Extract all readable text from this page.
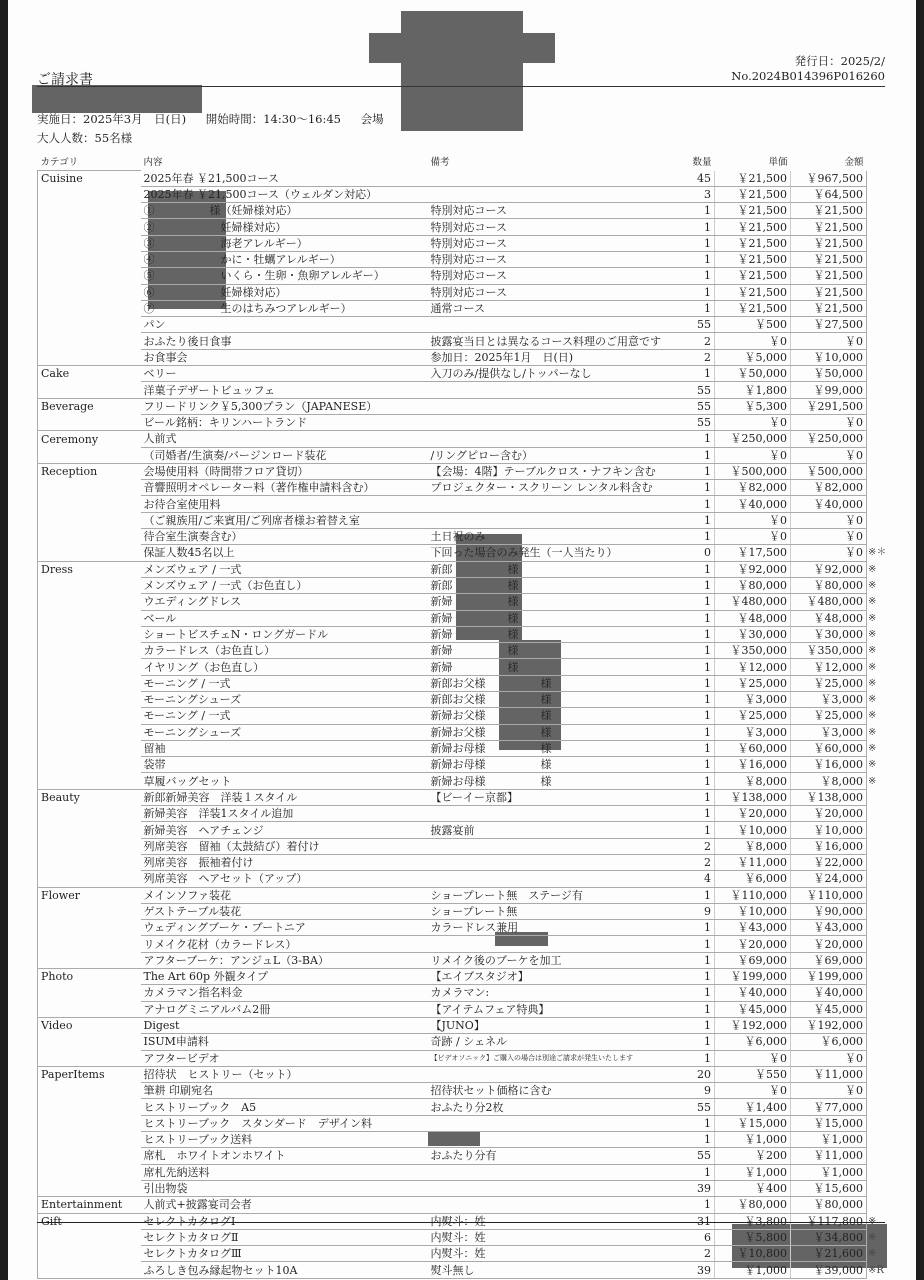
ご請求書
発行日：2025/2/
No.2024B014396P016260
実施日：2025年3月　日(日) 開始時間：14:30～16:45 会場
大人人数：55名様
カテゴリ	内容	備考	数量	単価	金額
Cuisine	2025年春 ￥21,500コース		45	￥21,500	￥967,500
	2025年春 ￥21,500コース（ウェルダン対応）		3	￥21,500	￥64,500
	①　　　　　様（妊婦様対応）	特別対応コース	1	￥21,500	￥21,500
	②　　　　　　妊婦様対応）	特別対応コース	1	￥21,500	￥21,500
	③　　　　　　海老アレルギー）	特別対応コース	1	￥21,500	￥21,500
	④　　　　　　かに・牡蠣アレルギー）	特別対応コース	1	￥21,500	￥21,500
	⑤　　　　　　いくら・生卵・魚卵アレルギー）	特別対応コース	1	￥21,500	￥21,500
	⑥　　　　　　妊婦様対応）	特別対応コース	1	￥21,500	￥21,500
	⑦　　　　　　生のはちみつアレルギー）	通常コース	1	￥21,500	￥21,500
	パン		55	￥500	￥27,500
	おふたり後日食事	披露宴当日とは異なるコース料理のご用意です	2	￥0	￥0
	お食事会	参加日：2025年1月　日(日)	2	￥5,000	￥10,000
Cake	ベリー	入刀のみ/提供なし/トッパーなし	1	￥50,000	￥50,000
	洋菓子デザートビュッフェ		55	￥1,800	￥99,000
Beverage	フリードリンク￥5,300プラン（JAPANESE）		55	￥5,300	￥291,500
	ビール銘柄：キリンハートランド		55	￥0	￥0
Ceremony	人前式		1	￥250,000	￥250,000
	（司婚者/生演奏/バージンロード装花	/リングピロー含む）	1	￥0	￥0
Reception	会場使用料（時間帯フロア貸切）	【会場：4階】テーブルクロス・ナフキン含む	1	￥500,000	￥500,000
	音響照明オペレーター料（著作権申請料含む）	プロジェクター・スクリーン レンタル料含む	1	￥82,000	￥82,000
	お待合室使用料		1	￥40,000	￥40,000
	（ご親族用/ご来賓用/ご列席者様お着替え室		1	￥0	￥0
	待合室生演奏含む）	土日祝のみ	1	￥0	￥0
	保証人数45名以上	下回った場合のみ発生（一人当たり）	0	￥17,500	￥0 ※＊

Dress	メンズウェア / 一式	新郎　　　　　様	1	￥92,000	￥92,000 ※

	メンズウェア / 一式（お色直し）	新郎　　　　　様	1	￥80,000	￥80,000 ※

	ウエディングドレス	新婦　　　　　様	1	￥480,000	￥480,000 ※

	ベール	新婦　　　　　様	1	￥48,000	￥48,000 ※

	ショートビスチェN・ロングガードル	新婦　　　　　様	1	￥30,000	￥30,000 ※

	カラードレス（お色直し）	新婦　　　　　様	1	￥350,000	￥350,000 ※

	イヤリング（お色直し）	新婦　　　　　様	1	￥12,000	￥12,000 ※

	モーニング / 一式	新郎お父様　　　　　様	1	￥25,000	￥25,000 ※

	モーニングシューズ	新郎お父様　　　　　様	1	￥3,000	￥3,000 ※

	モーニング / 一式	新婦お父様　　　　　様	1	￥25,000	￥25,000 ※

	モーニングシューズ	新婦お父様　　　　　様	1	￥3,000	￥3,000 ※

	留袖	新婦お母様　　　　　様	1	￥60,000	￥60,000 ※

	袋帯	新婦お母様　　　　　様	1	￥16,000	￥16,000 ※

	草履バッグセット	新婦お母様　　　　　様	1	￥8,000	￥8,000 ※

Beauty	新郎新婦美容　洋装１スタイル	【ビーイー京都】	1	￥138,000	￥138,000
	新婦美容　洋装1スタイル追加		1	￥20,000	￥20,000
	新婦美容　ヘアチェンジ	披露宴前	1	￥10,000	￥10,000
	列席美容　留袖（太鼓結び）着付け		2	￥8,000	￥16,000
	列席美容　振袖着付け		2	￥11,000	￥22,000
	列席美容　ヘアセット（アップ）		4	￥6,000	￥24,000
Flower	メインソファ装花	ショープレート無　ステージ有	1	￥110,000	￥110,000
	ゲストテーブル装花	ショープレート無	9	￥10,000	￥90,000
	ウェディングブーケ・ブートニア	カラードレス兼用	1	￥43,000	￥43,000
	リメイク花材（カラードレス）		1	￥20,000	￥20,000
	アフターブーケ：アンジュL（3-BA）	リメイク後のブーケを加工	1	￥69,000	￥69,000
Photo	The Art 60p 外観タイプ	【エイブスタジオ】	1	￥199,000	￥199,000
	カメラマン指名料金	カメラマン:	1	￥40,000	￥40,000
	アナログミニアルバム2冊	【アイテムフェア特典】	1	￥45,000	￥45,000
Video	Digest	【JUNO】	1	￥192,000	￥192,000
	ISUM申請料	奇跡 / シェネル	1	￥6,000	￥6,000
	アフタービデオ	【ビデオソニック】ご購入の場合は別途ご請求が発生いたします	1	￥0	￥0
PaperItems	招待状　ヒストリー（セット）		20	￥550	￥11,000
	筆耕 印刷宛名	招待状セット価格に含む	9	￥0	￥0
	ヒストリーブック　A5	おふたり分2枚	55	￥1,400	￥77,000
	ヒストリーブック　スタンダード　デザイン料		1	￥15,000	￥15,000
	ヒストリーブック送料		1	￥1,000	￥1,000
	席札　ホワイトオンホワイト	おふたり分有	55	￥200	￥11,000
	席札先納送料		1	￥1,000	￥1,000
	引出物袋		39	￥400	￥15,600
Entertainment	人前式+披露宴司会者		1	￥80,000	￥80,000
Gift	セレクトカタログⅠ	内熨斗：姓	31	￥3,800	￥117,800 ※

	セレクトカタログⅡ	内熨斗：姓	6	￥5,800	￥34,800 ※

	セレクトカタログⅢ	内熨斗：姓	2	￥10,800	￥21,600 ※

	ふろしき包み縁起物セット10A	熨斗無し	39	￥1,000	￥39,000 ※R
